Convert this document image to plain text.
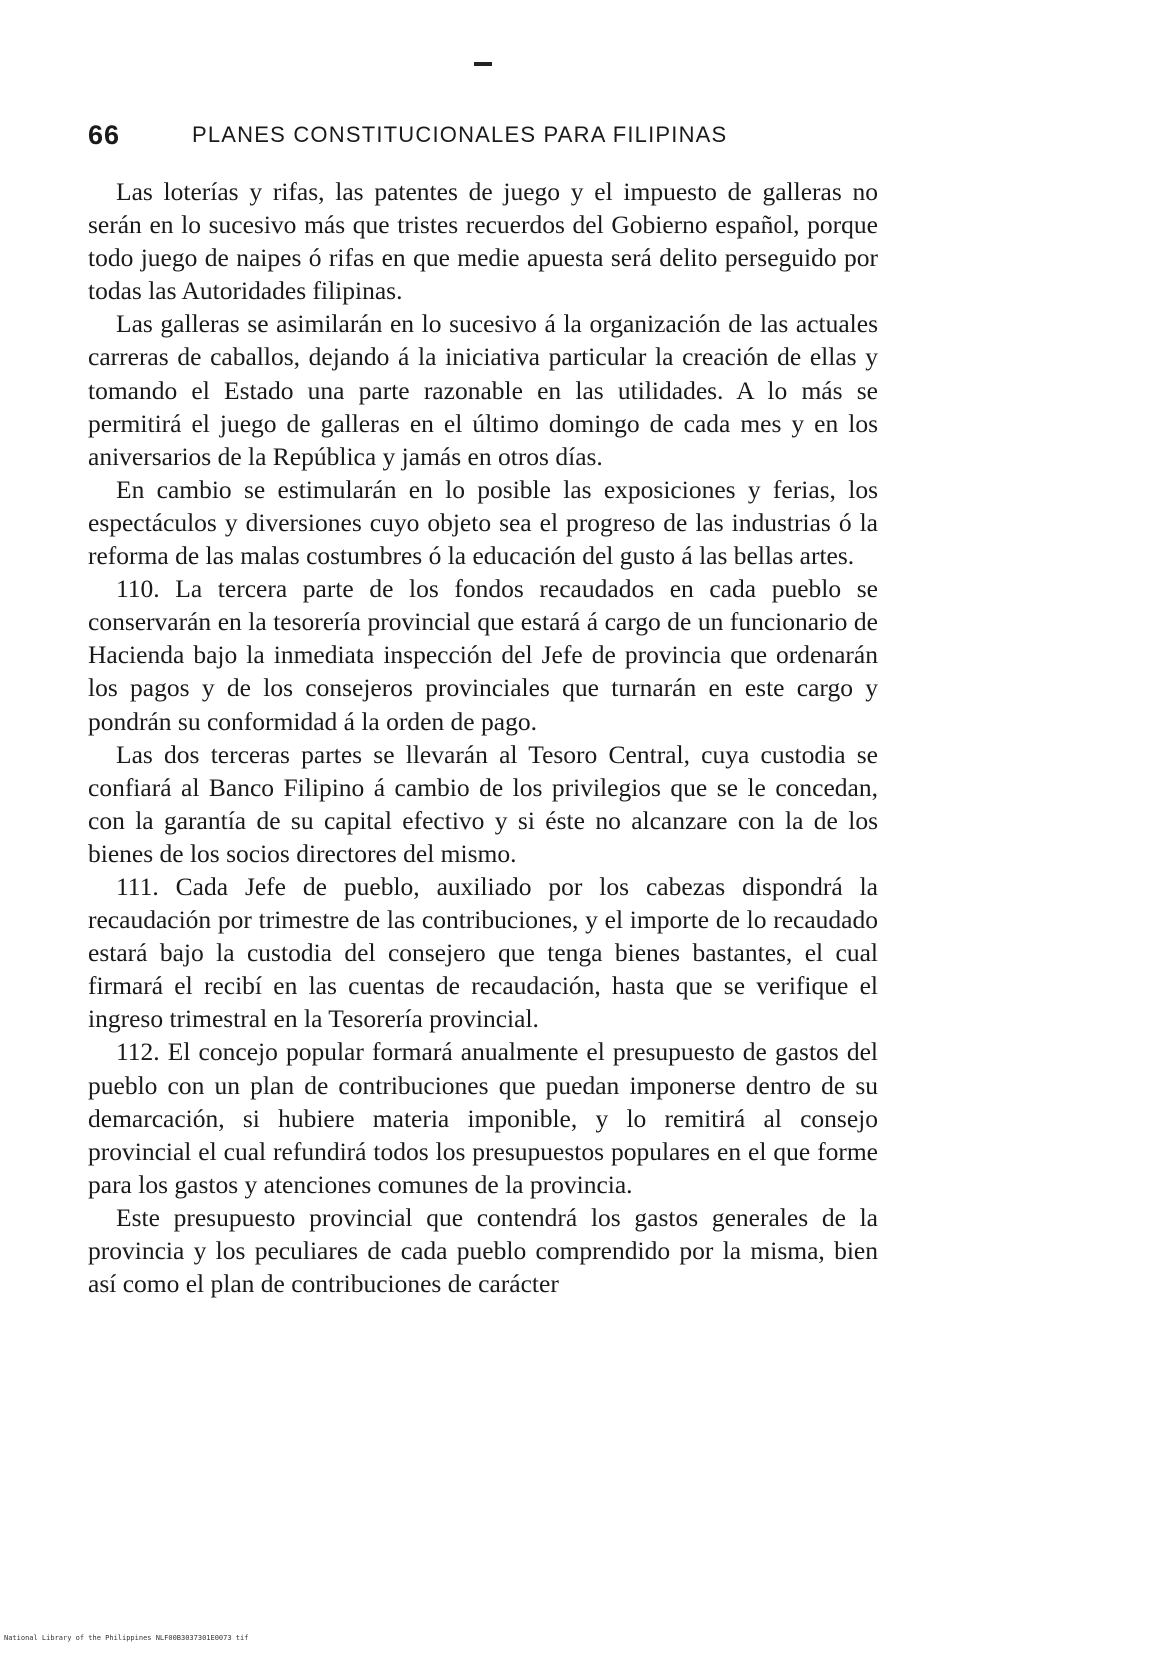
66	PLANES CONSTITUCIONALES PARA FILIPINAS

Las loterías y rifas, las patentes de juego y el impuesto de galleras no serán en lo sucesivo más que tristes recuerdos del Gobierno español, porque todo juego de naipes ó rifas en que medie apuesta será delito perseguido por todas las Autoridades filipinas.

Las galleras se asimilarán en lo sucesivo á la organización de las actuales carreras de caballos, dejando á la iniciativa particular la creación de ellas y tomando el Estado una parte razonable en las utilidades. A lo más se permitirá el juego de galleras en el último domingo de cada mes y en los aniversarios de la República y jamás en otros días.

En cambio se estimularán en lo posible las exposiciones y ferias, los espectáculos y diversiones cuyo objeto sea el progreso de las industrias ó la reforma de las malas costumbres ó la educación del gusto á las bellas artes.

110. La tercera parte de los fondos recaudados en cada pueblo se conservarán en la tesorería provincial que estará á cargo de un funcionario de Hacienda bajo la inmediata inspección del Jefe de provincia que ordenarán los pagos y de los consejeros provinciales que turnarán en este cargo y pondrán su conformidad á la orden de pago.

Las dos terceras partes se llevarán al Tesoro Central, cuya custodia se confiará al Banco Filipino á cambio de los privilegios que se le concedan, con la garantía de su capital efectivo y si éste no alcanzare con la de los bienes de los socios directores del mismo.

111. Cada Jefe de pueblo, auxiliado por los cabezas dispondrá la recaudación por trimestre de las contribuciones, y el importe de lo recaudado estará bajo la custodia del consejero que tenga bienes bastantes, el cual firmará el recibí en las cuentas de recaudación, hasta que se verifique el ingreso trimestral en la Tesorería provincial.

112. El concejo popular formará anualmente el presupuesto de gastos del pueblo con un plan de contribuciones que puedan imponerse dentro de su demarcación, si hubiere materia imponible, y lo remitirá al consejo provincial el cual refundirá todos los presupuestos populares en el que forme para los gastos y atenciones comunes de la provincia.

Este presupuesto provincial que contendrá los gastos generales de la provincia y los peculiares de cada pueblo comprendido por la misma, bien así como el plan de contribuciones de carácter

National Library of the Philippines NLF00B3037301E0073 tif
